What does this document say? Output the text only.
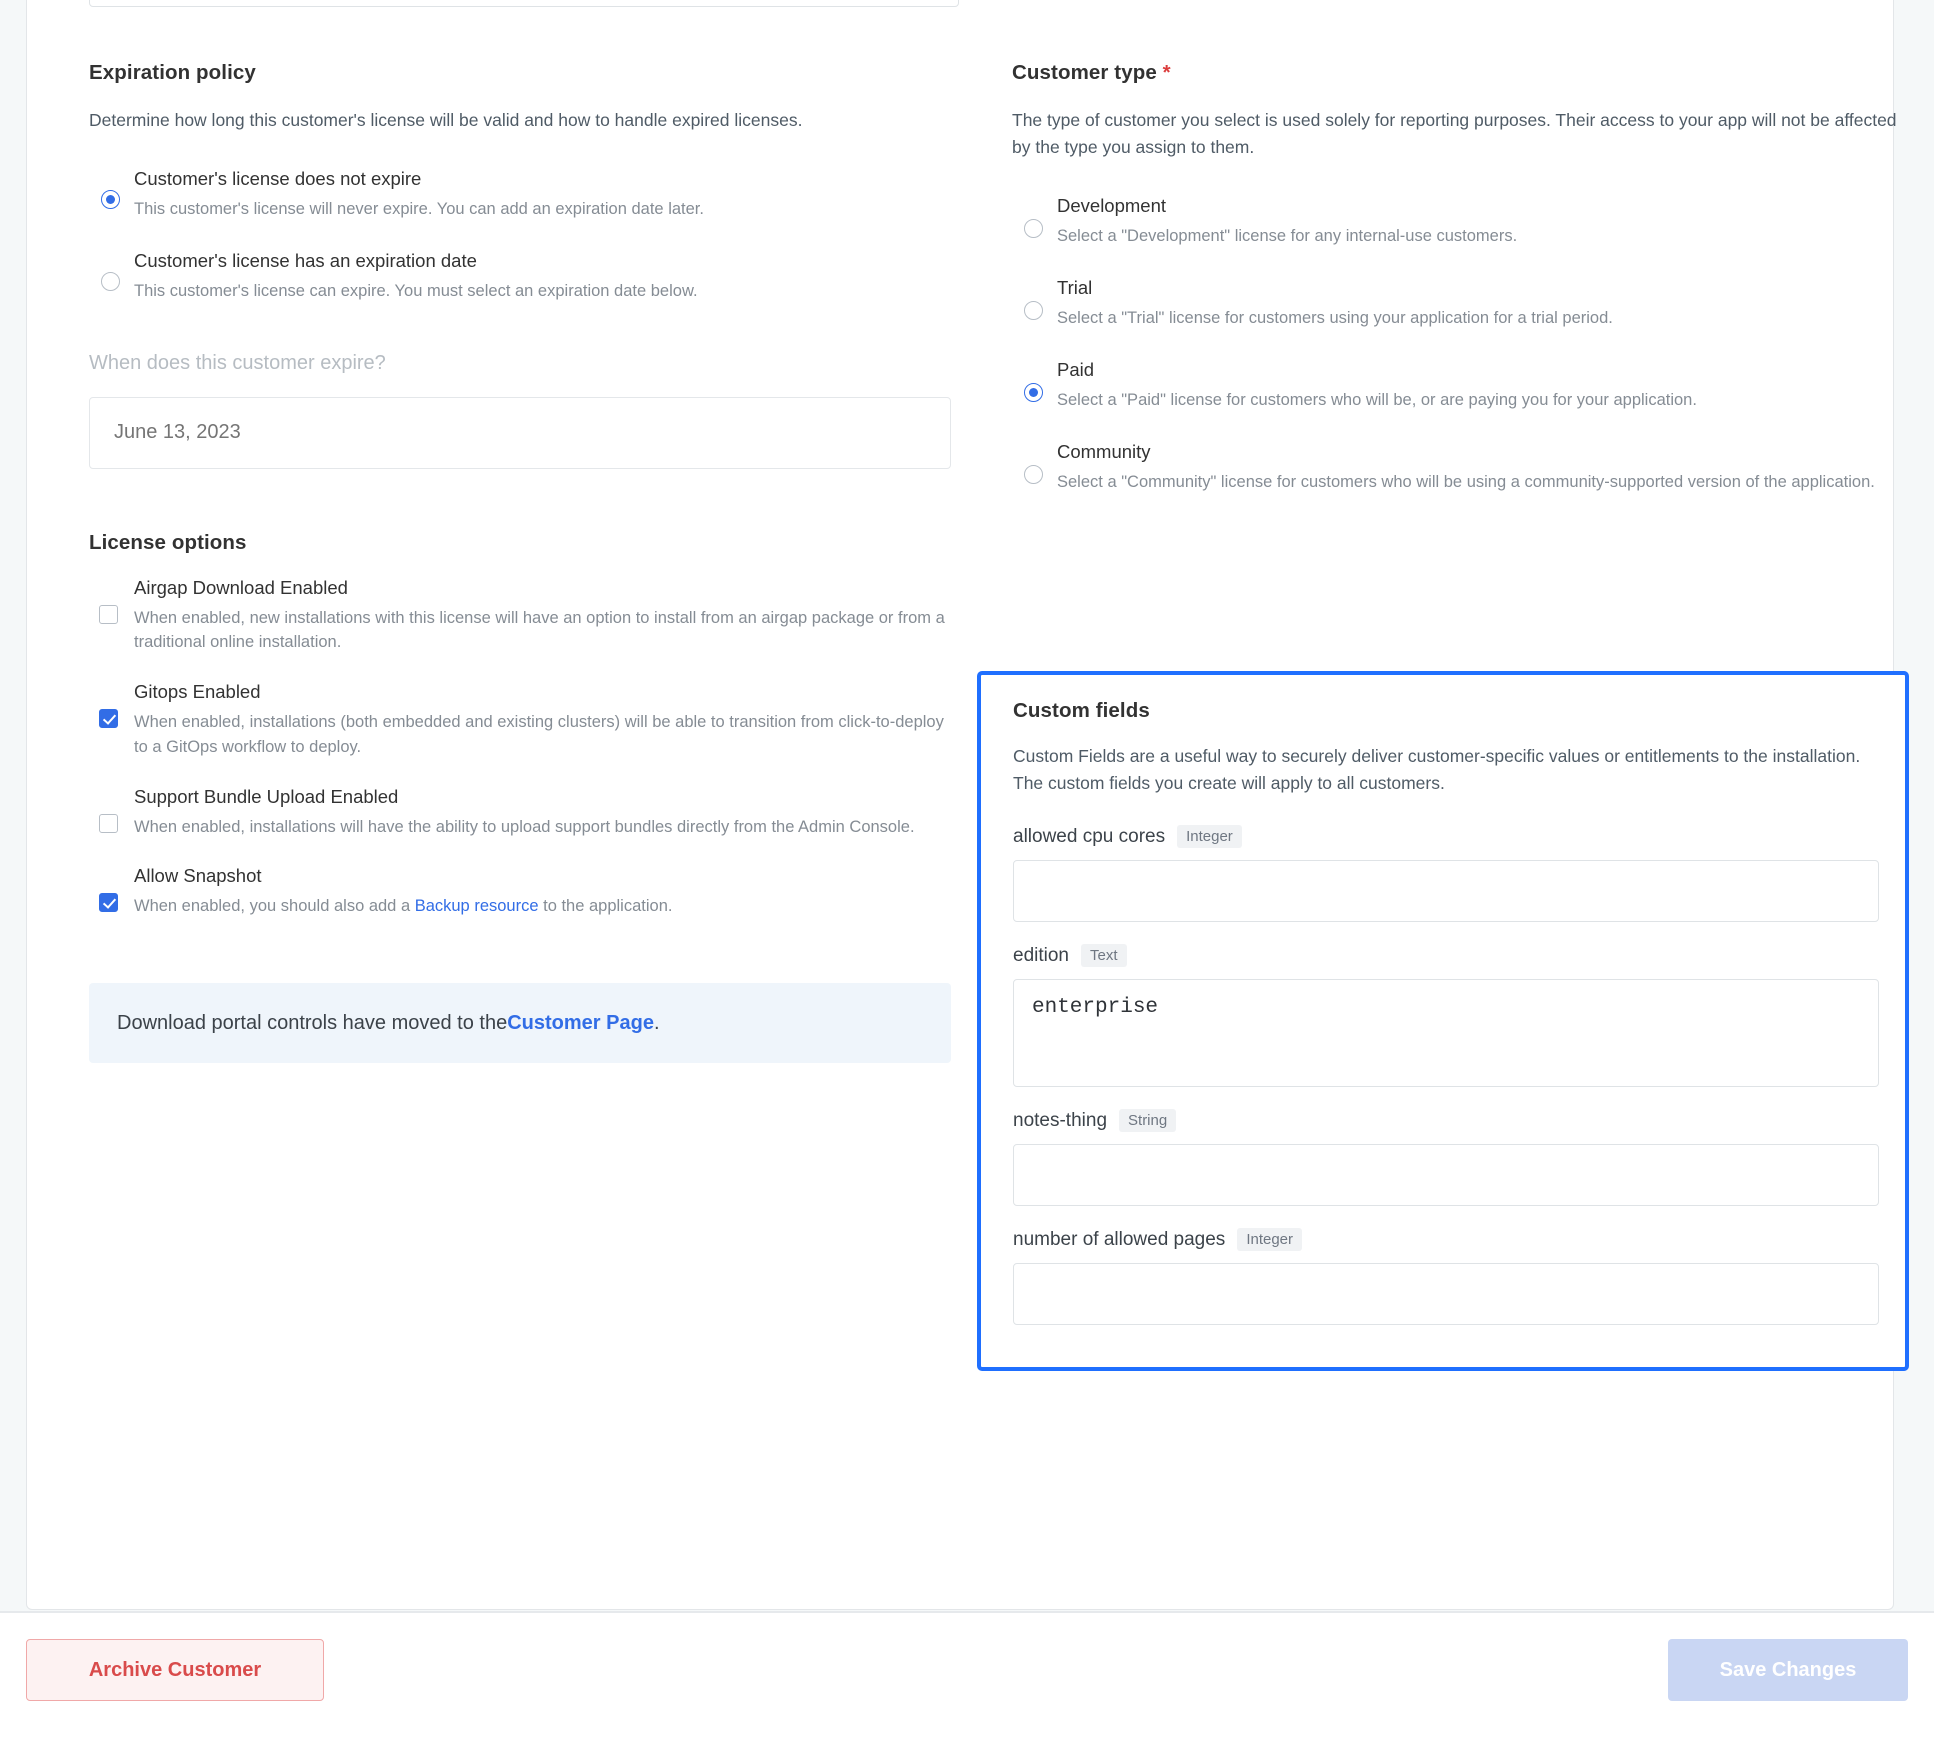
Expiration policy

Determine how long this customer's license will be valid and how to handle expired licenses.

Customer's license does not expire
This customer's license will never expire. You can add an expiration date later.
Customer's license has an expiration date
This customer's license can expire. You must select an expiration date below.
When does this customer expire?
June 13, 2023
License options
Airgap Download Enabled
When enabled, new installations with this license will have an option to install from an airgap package or from a traditional online installation.
Gitops Enabled
When enabled, installations (both embedded and existing clusters) will be able to transition from click-to-deploy to a GitOps workflow to deploy.
Support Bundle Upload Enabled
When enabled, installations will have the ability to upload support bundles directly from the Admin Console.
Allow Snapshot
When enabled, you should also add a Backup resource to the application.
Download portal controls have moved to the Customer Page .
Customer type *

The type of customer you select is used solely for reporting purposes. Their access to your app will not be affected by the type you assign to them.

Development
Select a "Development" license for any internal-use customers.
Trial
Select a "Trial" license for customers using your application for a trial period.
Paid
Select a "Paid" license for customers who will be, or are paying you for your application.
Community
Select a "Community" license for customers who will be using a community-supported version of the application.
Custom fields

Custom Fields are a useful way to securely deliver customer-specific values or entitlements to the installation. The custom fields you create will apply to all customers.

allowed cpu cores	Integer
edition	Text
enterprise
notes-thing	String
number of allowed pages	Integer
Archive Customer	Save Changes
